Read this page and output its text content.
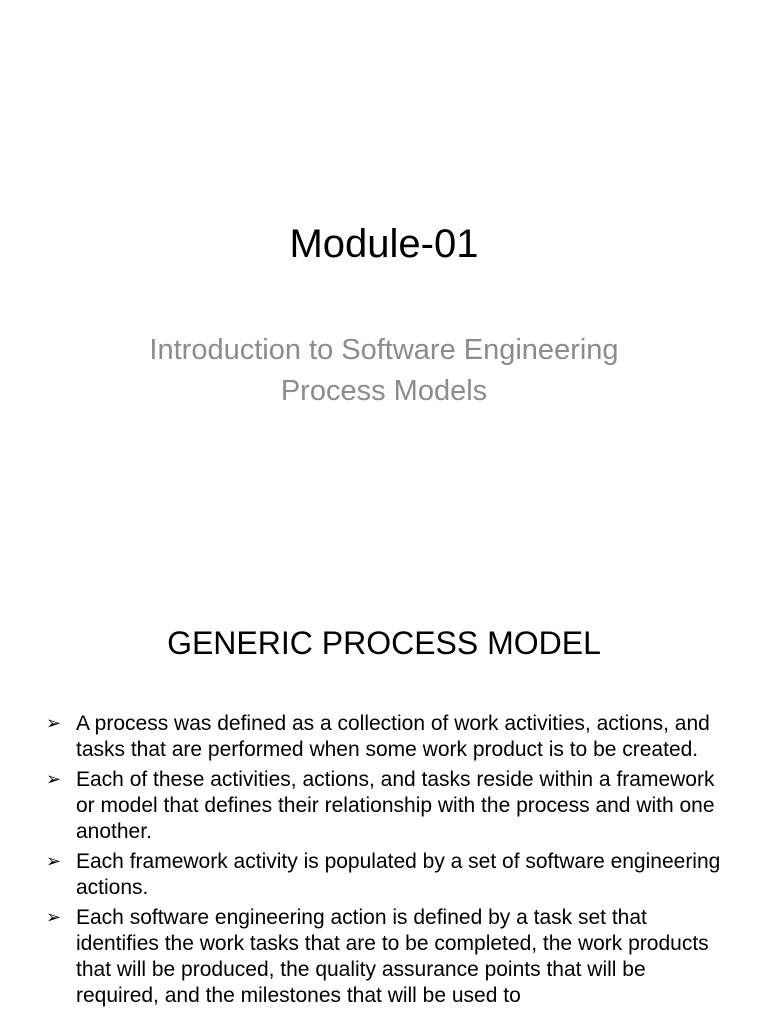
Module-01
Introduction to Software Engineering
Process Models
GENERIC PROCESS MODEL
➢ A process was defined as a collection of work activities, actions, and tasks that are performed when some work product is to be created.
➢ Each of these activities, actions, and tasks reside within a framework or model that defines their relationship with the process and with one another.
➢ Each framework activity is populated by a set of software engineering actions.
➢ Each software engineering action is defined by a task set that identifies the work tasks that are to be completed, the work products that will be produced, the quality assurance points that will be required, and the milestones that will be used to
